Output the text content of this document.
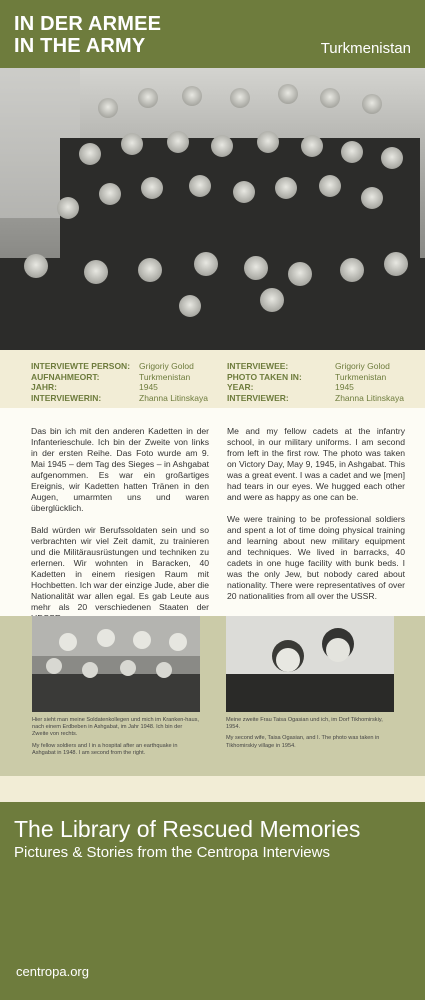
IN DER ARMEE
IN THE ARMY	Turkmenistan
INTERVIEWTE PERSON:	Grigoriy Golod
AUFNAHMEORT:	Turkmenistan
JAHR:	1945
INTERVIEWERIN:	Zhanna Litinskaya
INTERVIEWEE:	Grigoriy Golod
PHOTO TAKEN IN:	Turkmenistan
YEAR:	1945
INTERVIEWER:	Zhanna Litinskaya

Das bin ich mit den anderen Kadetten in der Infanterieschule. Ich bin der Zweite von links in der ersten Reihe. Das Foto wurde am 9. Mai 1945 – dem Tag des Sieges – in Ashgabat aufgenommen. Es war ein großartiges Ereignis, wir Kadetten hatten Tränen in den Augen, umarmten uns und waren überglücklich.

Bald würden wir Berufssoldaten sein und so verbrachten wir viel Zeit damit, zu trainieren und die Militärausrüstungen und techniken zu erlernen. Wir wohnten in Baracken, 40 Kadetten in einem riesigen Raum mit Hochbetten. Ich war der einzige Jude, aber die Nationalität war allen egal. Es gab Leute aus mehr als 20 verschiedenen Staaten der

Me and my fellow cadets at the infantry school, in our military uniforms. I am second from left in the first row. The photo was taken on Victory Day, May 9, 1945, in Ashgabat. This was a great event. I was a cadet and we [men] had tears in our eyes. We hugged each other and were as happy as one can be.

We were training to be professional soldiers and spent a lot of time doing physical training and learning about new military equipment and techniques. We lived in barracks, 40 cadets in one huge facility with bunk beds. I was the only Jew, but nobody cared about nationality. There were representatives of over 20 nationalities from all over the USSR.

Hier sieht man meine Soldatenkollegen und mich im Kranken-haus, nach einem Erdbeben in Ashgabat, im Jahr 1948. Ich bin der Zweite von rechts.

My fellow soldiers and I in a hospital after an earthquake in Ashgabat in 1948. I am second from the right.

Meine zweite Frau Taisa Ogasian und ich, im Dorf Tikhomirskiy, 1954.

My second wife, Taisa Ogasian, and I. The photo was taken in Tikhomirskiy village in 1954.

The Library of Rescued Memories
Pictures & Stories from the Centropa Interviews
centropa.org
